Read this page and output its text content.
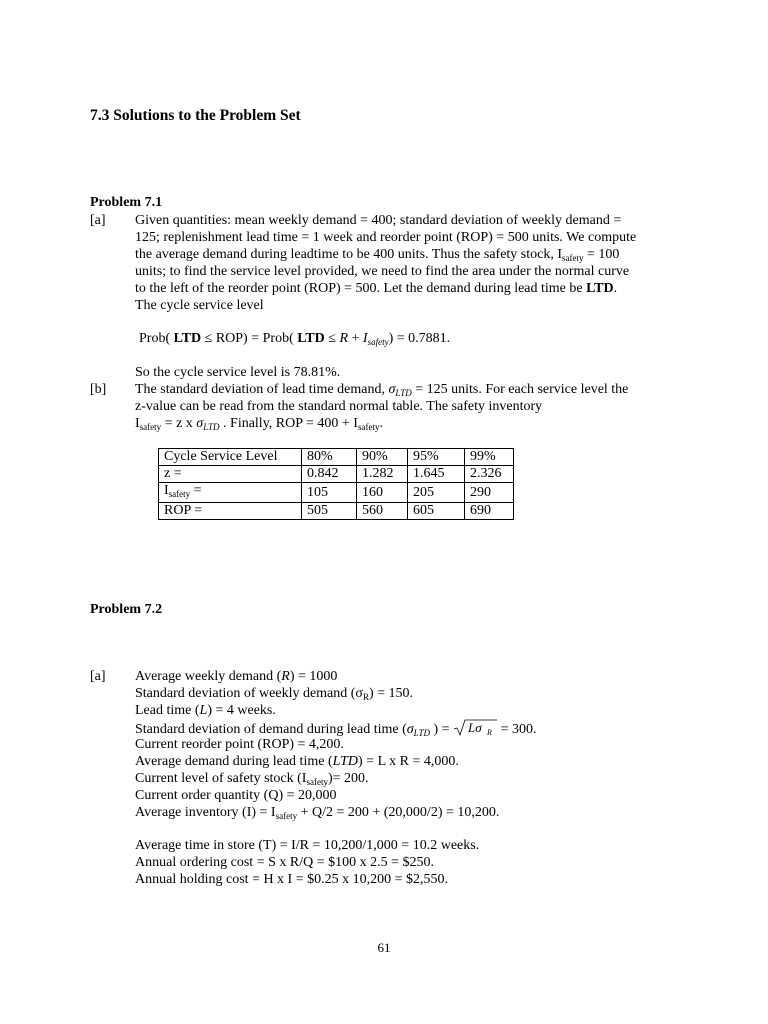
7.3 Solutions to the Problem Set
Problem 7.1
[a] Given quantities: mean weekly demand = 400; standard deviation of weekly demand =
125; replenishment lead time = 1 week and reorder point (ROP) = 500 units. We compute
the average demand during leadtime to be 400 units. Thus the safety stock, $I_{safety} = 100$
units; to find the service level provided, we need to find the area under the normal curve
to the left of the reorder point (ROP) = 500. Let the demand during lead time be LTD.
The cycle service level
Prob( LTD ≤ ROP) = Prob( LTD ≤ $R + I_{safety}) = 0.7881$.
So the cycle service level is 78.81%.
[b] The standard deviation of lead time demand, $\sigma_{LTD} = 125$ units. For each service level the
z-value can be read from the standard normal table. The safety inventory
$I_{safety} = z$ x $\sigma_{LTD}$ . Finally, ROP = $400 + I_{safety}$.
Cycle Service Level	80%	90%	95%	99%
z =	0.842	1.282	1.645	2.326
$I_{safety}$ =	105	160	205	290
ROP =	505	560	605	690
Problem 7.2
[a] Average weekly demand (R) = 1000
Standard deviation of weekly demand $(\sigma_R) = 150$.
Lead time (L) = 4 weeks.
Standard deviation of demand during lead time ($\sigma_{LTD}$ ) = Lσ R = 300.
Current reorder point (ROP) = 4,200.
Average demand during lead time (LTD) = L x R = 4,000.
Current level of safety stock $(I_{safety})= 200$.
Current order quantity (Q) = 20,000
Average inventory $(I) = I_{safety} + Q/2 = 200 + (20,000/2) = 10,200$.
Average time in store (T) = I/R = 10,200/1,000 = 10.2 weeks.
Annual ordering cost = S x R/Q = $100 x 2.5 = $250.
Annual holding cost = H x I = $0.25 x 10,200 = $2,550.
61
